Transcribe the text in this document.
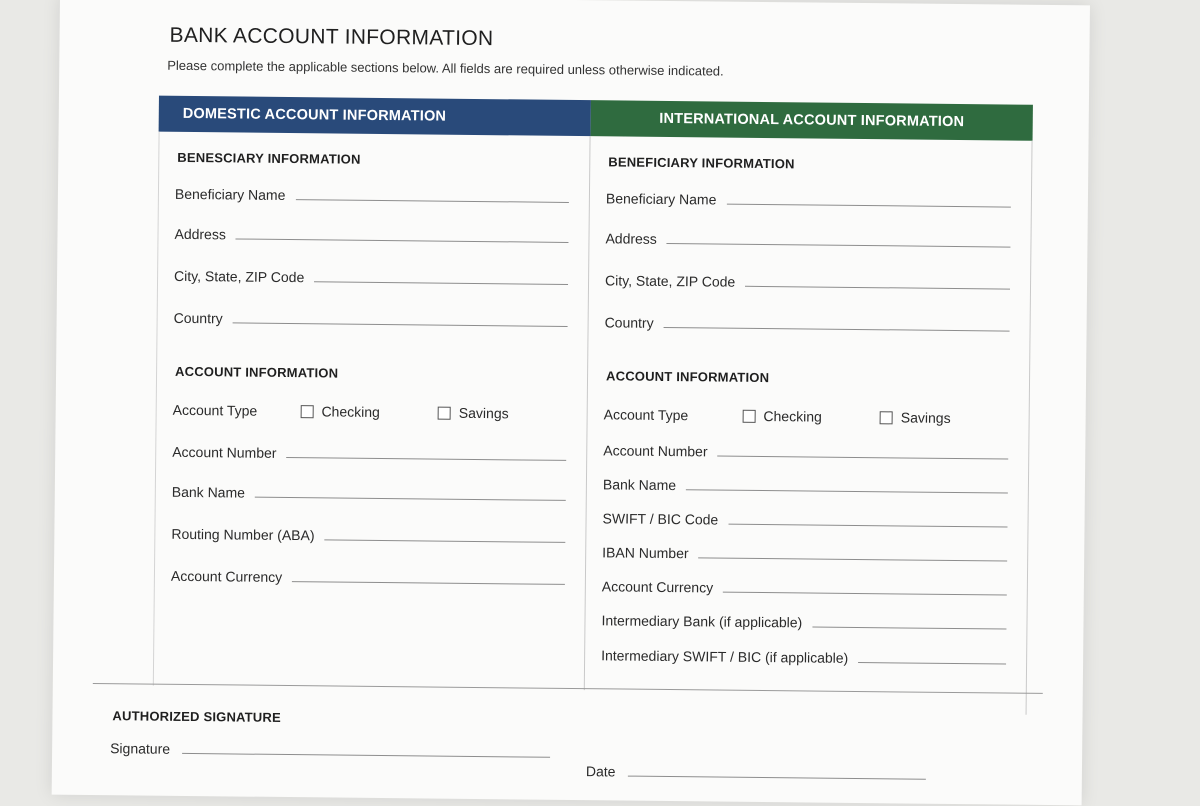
BANK ACCOUNT INFORMATION
Please complete the applicable sections below. All fields are required unless otherwise indicated.
DOMESTIC ACCOUNT INFORMATION
BENESCIARY INFORMATION
Beneficiary Name
Address
City, State, ZIP Code
Country
ACCOUNT INFORMATION
Account Type	Checking	Savings
Account Number
Bank Name
Routing Number (ABA)
Account Currency
INTERNATIONAL ACCOUNT INFORMATION
BENEFICIARY INFORMATION
Beneficiary Name
Address
City, State, ZIP Code
Country
ACCOUNT INFORMATION
Account Type	Checking	Savings
Account Number
Bank Name
SWIFT / BIC Code
IBAN Number
Account Currency
Intermediary Bank (if applicable)
Intermediary SWIFT / BIC (if applicable)
AUTHORIZED SIGNATURE
Signature
Date
